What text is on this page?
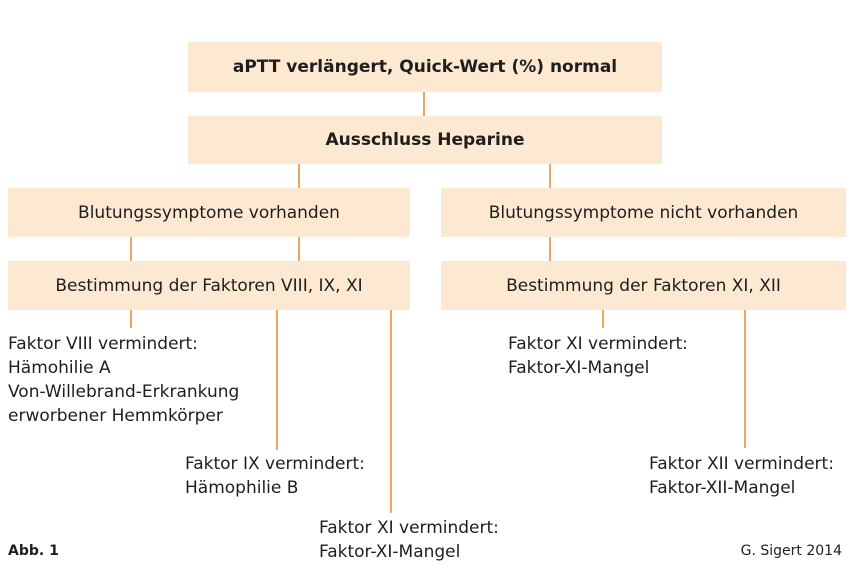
aPTT verlängert, Quick-Wert (%) normal
Ausschluss Heparine
Blutungssymptome vorhanden	Blutungssymptome nicht vorhanden
Bestimmung der Faktoren VIII, IX, XI	Bestimmung der Faktoren XI, XII
Faktor VIII vermindert:
Hämohilie A
Von-Willebrand-Erkrankung
erworbener Hemmkörper
Faktor IX vermindert:
Hämophilie B
Faktor XI vermindert:
Faktor-XI-Mangel
Faktor XI vermindert:
Faktor-XI-Mangel
Faktor XII vermindert:
Faktor-XII-Mangel
Abb. 1	G. Sigert 2014
